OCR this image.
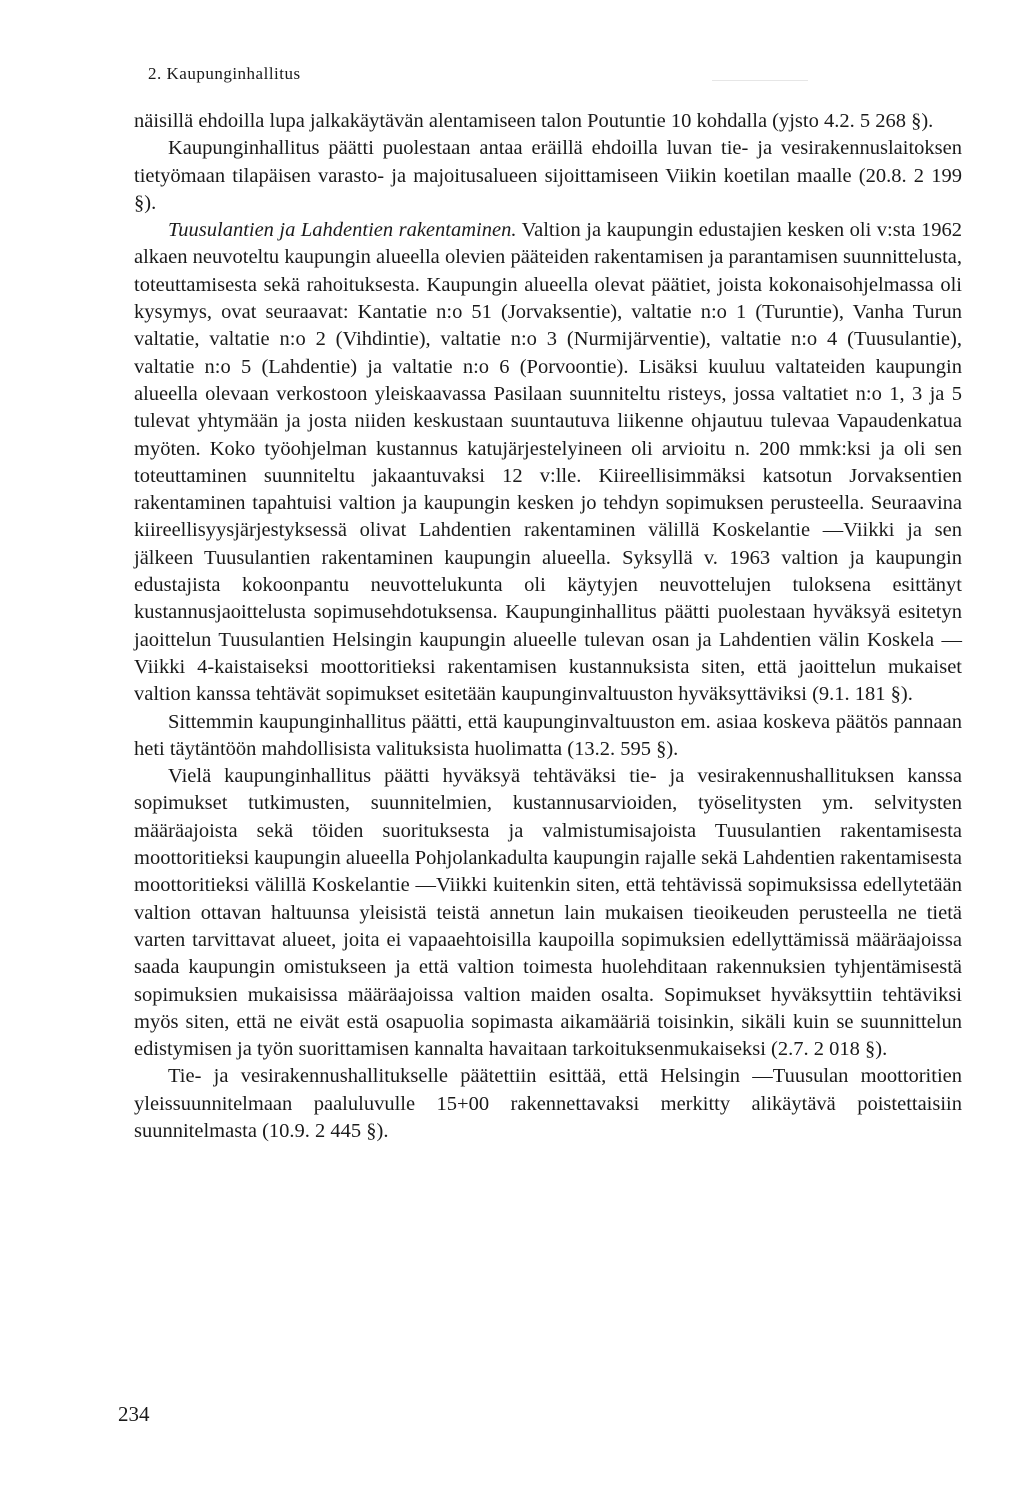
2. Kaupunginhallitus

näisillä ehdoilla lupa jalkakäytävän alentamiseen talon Poutuntie 10 kohdalla (yjsto 4.2. 5 268 §).

Kaupunginhallitus päätti puolestaan antaa eräillä ehdoilla luvan tie- ja vesirakennuslaitoksen tietyömaan tilapäisen varasto- ja majoitusalueen sijoittamiseen Viikin koetilan maalle (20.8. 2 199 §).

Tuusulantien ja Lahdentien rakentaminen. Valtion ja kaupungin edustajien kesken oli v:sta 1962 alkaen neuvoteltu kaupungin alueella olevien pääteiden rakentamisen ja parantamisen suunnittelusta, toteuttamisesta sekä rahoituksesta. Kaupungin alueella olevat päätiet, joista kokonaisohjelmassa oli kysymys, ovat seuraavat: Kantatie n:o 51 (Jorvaksentie), valtatie n:o 1 (Turuntie), Vanha Turun valtatie, valtatie n:o 2 (Vihdintie), valtatie n:o 3 (Nurmijärventie), valtatie n:o 4 (Tuusulantie), valtatie n:o 5 (Lahdentie) ja valtatie n:o 6 (Porvoontie). Lisäksi kuuluu valtateiden kaupungin alueella olevaan verkostoon yleiskaavassa Pasilaan suunniteltu risteys, jossa valtatiet n:o 1, 3 ja 5 tulevat yhtymään ja josta niiden keskustaan suuntautuva liikenne ohjautuu tulevaa Vapaudenkatua myöten. Koko työohjelman kustannus katujärjestelyineen oli arvioitu n. 200 mmk:ksi ja oli sen toteuttaminen suunniteltu jakaantuvaksi 12 v:lle. Kiireellisimmäksi katsotun Jorvaksentien rakentaminen tapahtuisi valtion ja kaupungin kesken jo tehdyn sopimuksen perusteella. Seuraavina kiireellisyysjärjestyksessä olivat Lahdentien rakentaminen välillä Koskelantie —Viikki ja sen jälkeen Tuusulantien rakentaminen kaupungin alueella. Syksyllä v. 1963 valtion ja kaupungin edustajista kokoonpantu neuvottelukunta oli käytyjen neuvottelujen tuloksena esittänyt kustannusjaoittelusta sopimusehdotuksensa. Kaupunginhallitus päätti puolestaan hyväksyä esitetyn jaoittelun Tuusulantien Helsingin kaupungin alueelle tulevan osan ja Lahdentien välin Koskela —Viikki 4-kaistaiseksi moottoritieksi rakentamisen kustannuksista siten, että jaoittelun mukaiset valtion kanssa tehtävät sopimukset esitetään kaupunginvaltuuston hyväksyttäviksi (9.1. 181 §).

Sittemmin kaupunginhallitus päätti, että kaupunginvaltuuston em. asiaa koskeva päätös pannaan heti täytäntöön mahdollisista valituksista huolimatta (13.2. 595 §).

Vielä kaupunginhallitus päätti hyväksyä tehtäväksi tie- ja vesirakennushallituksen kanssa sopimukset tutkimusten, suunnitelmien, kustannusarvioiden, työselitysten ym. selvitysten määräajoista sekä töiden suorituksesta ja valmistumisajoista Tuusulantien rakentamisesta moottoritieksi kaupungin alueella Pohjolankadulta kaupungin rajalle sekä Lahdentien rakentamisesta moottoritieksi välillä Koskelantie —Viikki kuitenkin siten, että tehtävissä sopimuksissa edellytetään valtion ottavan haltuunsa yleisistä teistä annetun lain mukaisen tieoikeuden perusteella ne tietä varten tarvittavat alueet, joita ei vapaaehtoisilla kaupoilla sopimuksien edellyttämissä määräajoissa saada kaupungin omistukseen ja että valtion toimesta huolehditaan rakennuksien tyhjentämisestä sopimuksien mukaisissa määräajoissa valtion maiden osalta. Sopimukset hyväksyttiin tehtäviksi myös siten, että ne eivät estä osapuolia sopimasta aikamääriä toisinkin, sikäli kuin se suunnittelun edistymisen ja työn suorittamisen kannalta havaitaan tarkoituksenmukaiseksi (2.7. 2 018 §).

Tie- ja vesirakennushallitukselle päätettiin esittää, että Helsingin —Tuusulan moottoritien yleissuunnitelmaan paaluluvulle 15+00 rakennettavaksi merkitty alikäytävä poistettaisiin suunnitelmasta (10.9. 2 445 §).

234
